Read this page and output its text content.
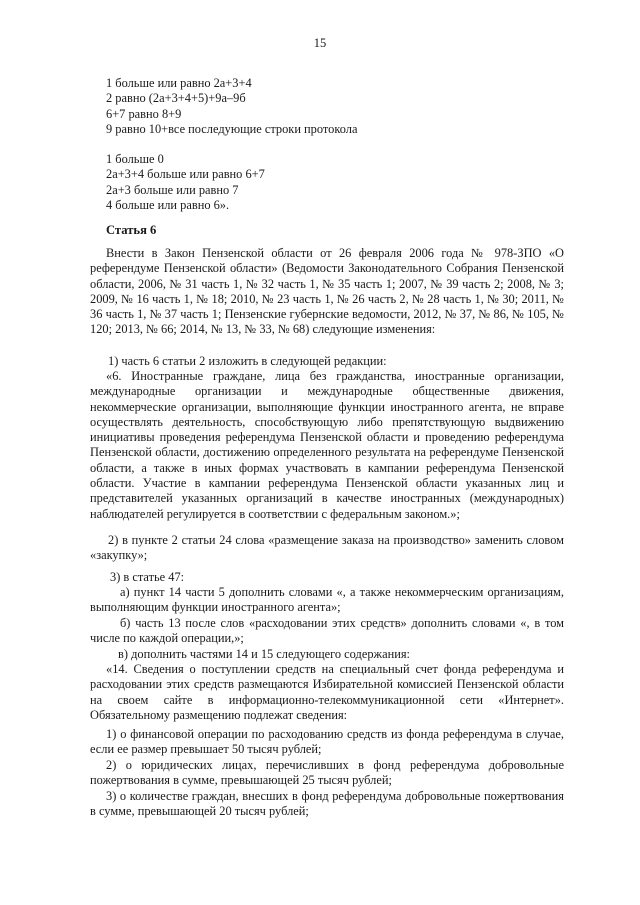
15
1 больше или равно 2а+3+4
2 равно (2а+3+4+5)+9а–9б
6+7 равно 8+9
9 равно 10+все последующие строки протокола
1 больше 0
2а+3+4 больше или равно 6+7
2а+3 больше или равно 7
4 больше или равно 6».
Статья 6
Внести в Закон Пензенской области от 26 февраля 2006 года № 978-ЗПО «О референдуме Пензенской области» (Ведомости Законодательного Собрания Пензенской области, 2006, № 31 часть 1, № 32 часть 1, № 35 часть 1; 2007, № 39 часть 2; 2008, № 3; 2009, № 16 часть 1, № 18; 2010, № 23 часть 1, № 26 часть 2, № 28 часть 1, № 30; 2011, № 36 часть 1, № 37 часть 1; Пензенские губернские ведомости, 2012, № 37, № 86, № 105, № 120; 2013, № 66; 2014, № 13, № 33, № 68) следующие изменения:
1) часть 6 статьи 2 изложить в следующей редакции:
«6. Иностранные граждане, лица без гражданства, иностранные организации, международные организации и международные общественные движения, некоммерческие организации, выполняющие функции иностранного агента, не вправе осуществлять деятельность, способствующую либо препятствующую выдвижению инициативы проведения референдума Пензенской области и проведению референдума Пензенской области, достижению определенного результата на референдуме Пензенской области, а также в иных формах участвовать в кампании референдума Пензенской области. Участие в кампании референдума Пензенской области указанных лиц и представителей указанных организаций в качестве иностранных (международных) наблюдателей регулируется в соответствии с федеральным законом.»;
2) в пункте 2 статьи 24 слова «размещение заказа на производство» заменить словом «закупку»;
3) в статье 47:
а) пункт 14 части 5 дополнить словами «, а также некоммерческим организациям, выполняющим функции иностранного агента»;
б) часть 13 после слов «расходовании этих средств» дополнить словами «, в том числе по каждой операции,»;
в) дополнить частями 14 и 15 следующего содержания:
«14. Сведения о поступлении средств на специальный счет фонда референдума и расходовании этих средств размещаются Избирательной комиссией Пензенской области на своем сайте в информационно-телекоммуникационной сети «Интернет». Обязательному размещению подлежат сведения:
1) о финансовой операции по расходованию средств из фонда референдума в случае, если ее размер превышает 50 тысяч рублей;
2) о юридических лицах, перечисливших в фонд референдума добровольные пожертвования в сумме, превышающей 25 тысяч рублей;
3) о количестве граждан, внесших в фонд референдума добровольные пожертвования в сумме, превышающей 20 тысяч рублей;
